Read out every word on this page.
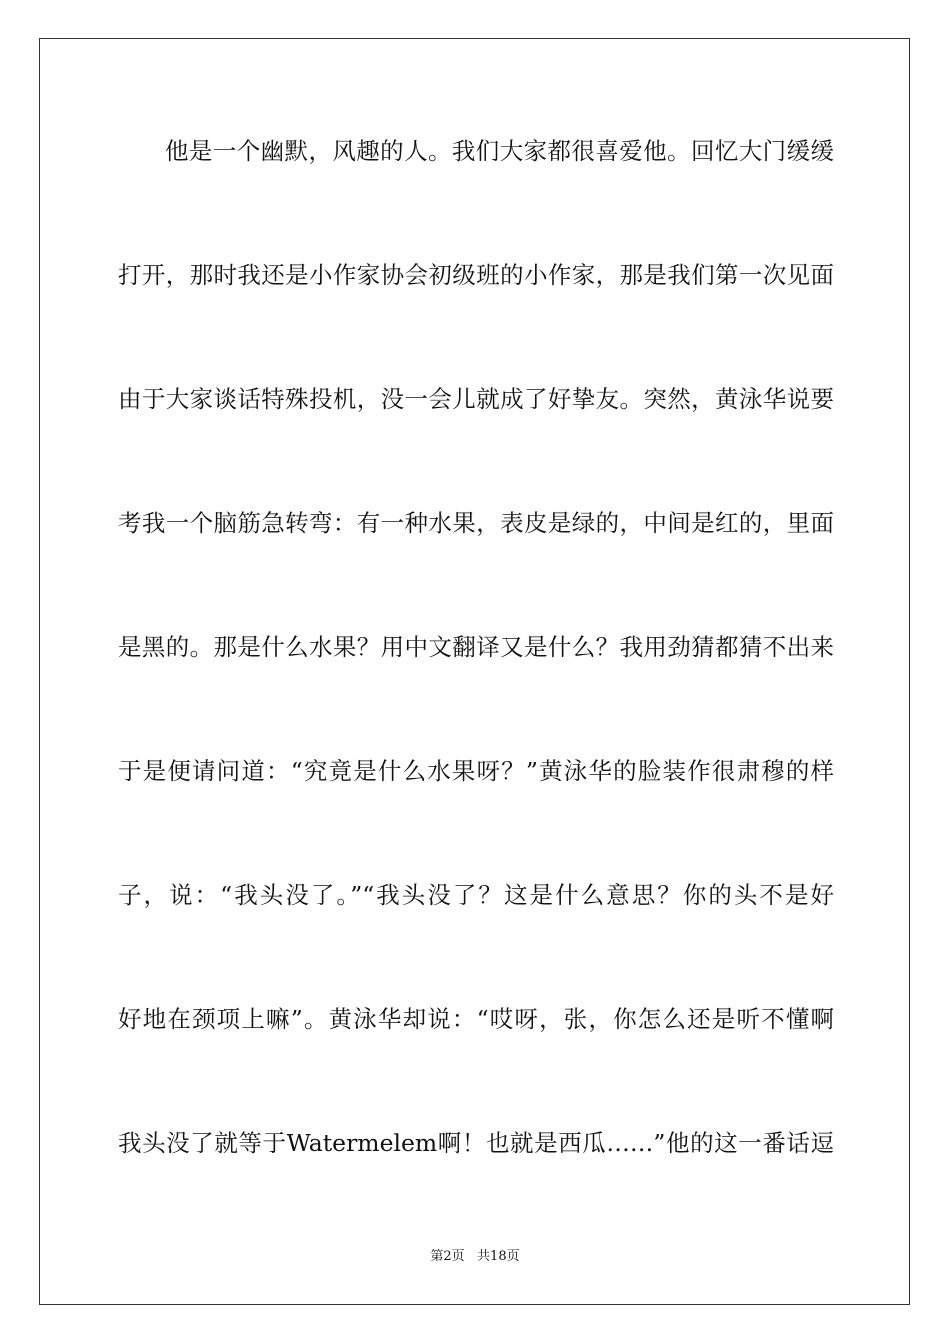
他是一个幽默，风趣的人。我们大家都很喜爱他。回忆大门缓缓
打开，那时我还是小作家协会初级班的小作家，那是我们第一次见面
由于大家谈话特殊投机，没一会儿就成了好挚友。突然，黄泳华说要
考我一个脑筋急转弯：有一种水果，表皮是绿的，中间是红的，里面
是黑的。那是什么水果？用中文翻译又是什么？我用劲猜都猜不出来
于是便请问道：“究竟是什么水果呀？”黄泳华的脸装作很肃穆的样
子，说：“我头没了。”“我头没了？这是什么意思？你的头不是好
好地在颈项上嘛”。黄泳华却说：“哎呀，张，你怎么还是听不懂啊
我头没了就等于Watermelem啊！也就是西瓜……”他的这一番话逗
第2页   共18页
